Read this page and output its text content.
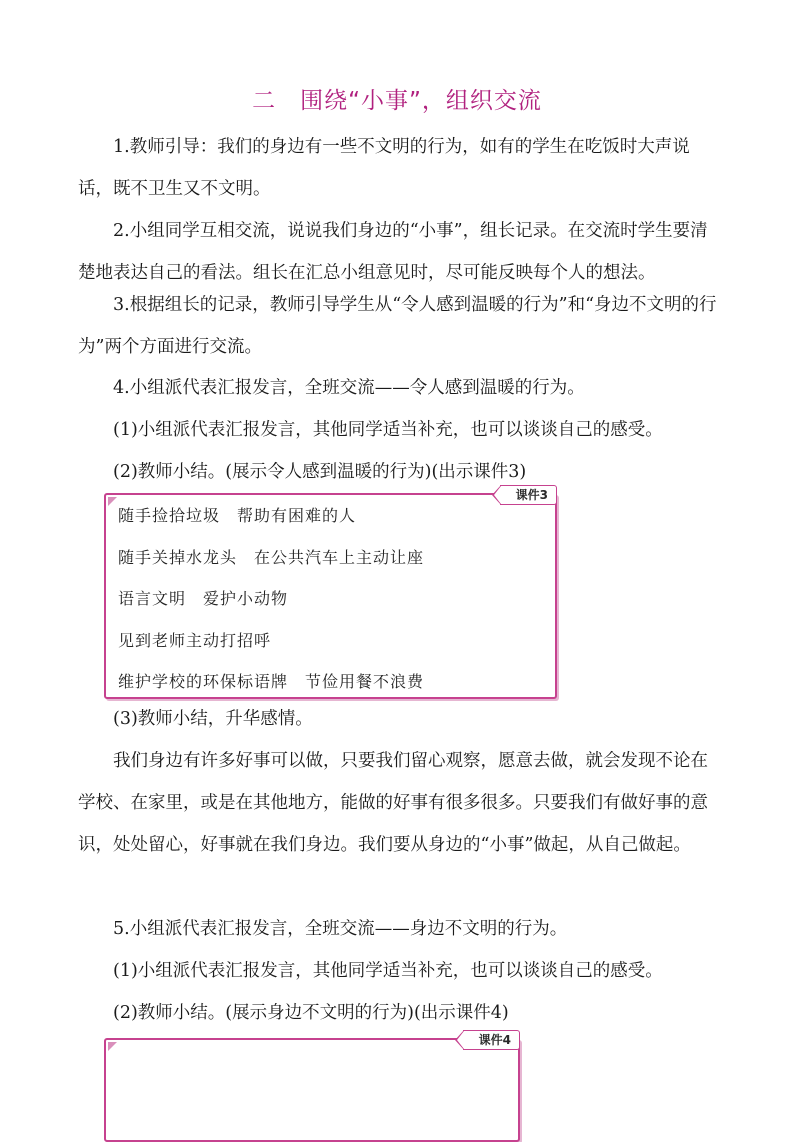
二　围绕“小事”，组织交流

1.教师引导：我们的身边有一些不文明的行为，如有的学生在吃饭时大声说话，既不卫生又不文明。

2.小组同学互相交流，说说我们身边的“小事”，组长记录。在交流时学生要清楚地表达自己的看法。组长在汇总小组意见时，尽可能反映每个人的想法。

3.根据组长的记录，教师引导学生从“令人感到温暖的行为”和“身边不文明的行为”两个方面进行交流。

4.小组派代表汇报发言，全班交流——令人感到温暖的行为。

(1)小组派代表汇报发言，其他同学适当补充，也可以谈谈自己的感受。

(2)教师小结。(展示令人感到温暖的行为)(出示课件3)

课件3
随手捡拾垃圾　帮助有困难的人
随手关掉水龙头　在公共汽车上主动让座
语言文明　爱护小动物
见到老师主动打招呼
维护学校的环保标语牌　节俭用餐不浪费

(3)教师小结，升华感情。

我们身边有许多好事可以做，只要我们留心观察，愿意去做，就会发现不论在学校、在家里，或是在其他地方，能做的好事有很多很多。只要我们有做好事的意识，处处留心，好事就在我们身边。我们要从身边的“小事”做起，从自己做起。

5.小组派代表汇报发言，全班交流——身边不文明的行为。

(1)小组派代表汇报发言，其他同学适当补充，也可以谈谈自己的感受。

(2)教师小结。(展示身边不文明的行为)(出示课件4)

课件4
